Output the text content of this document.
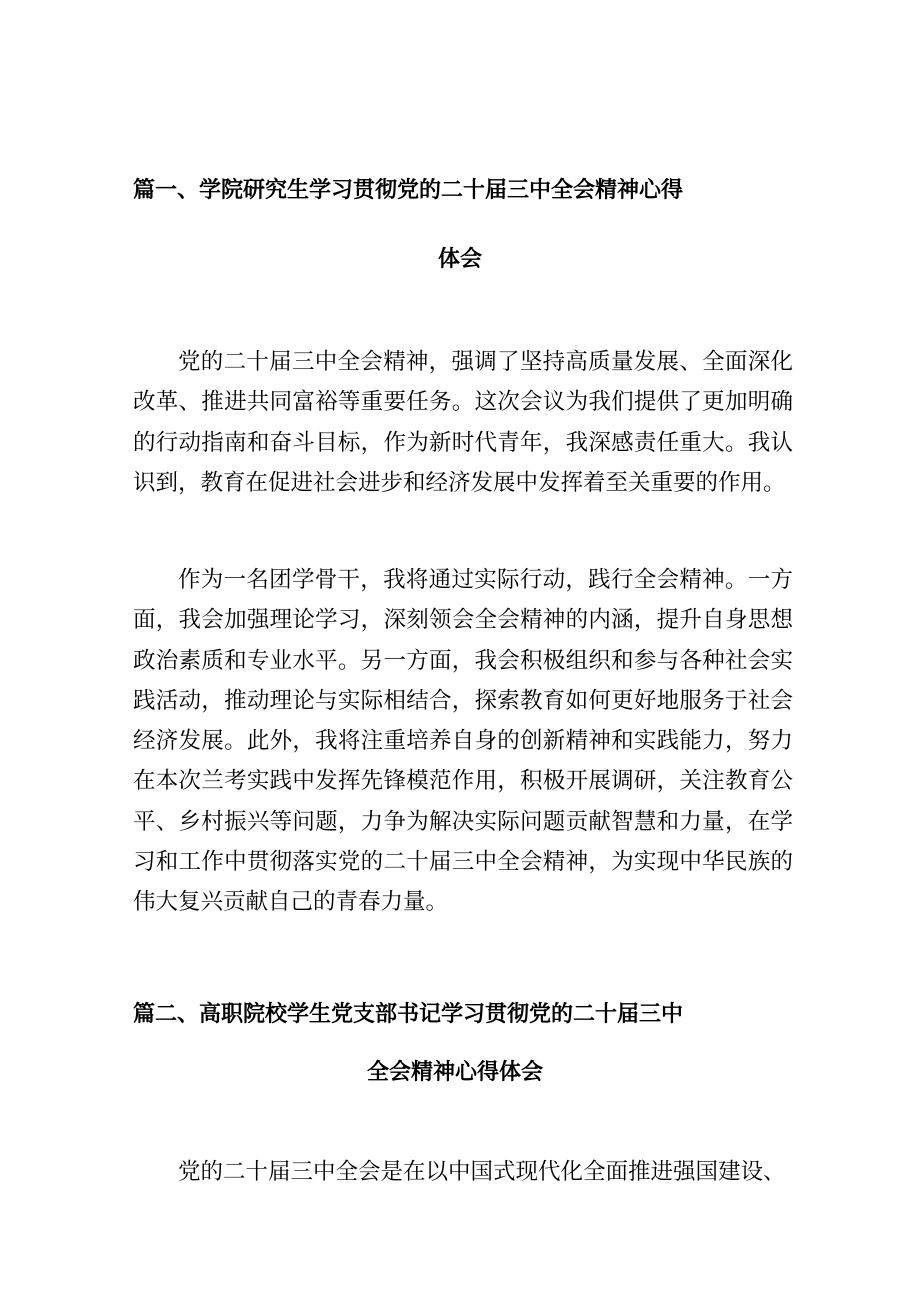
篇一、学院研究生学习贯彻党的二十届三中全会精神心得
体会

党的二十届三中全会精神，强调了坚持高质量发展、全面深化改革、推进共同富裕等重要任务。这次会议为我们提供了更加明确的行动指南和奋斗目标，作为新时代青年，我深感责任重大。我认识到，教育在促进社会进步和经济发展中发挥着至关重要的作用。

作为一名团学骨干，我将通过实际行动，践行全会精神。一方面，我会加强理论学习，深刻领会全会精神的内涵，提升自身思想政治素质和专业水平。另一方面，我会积极组织和参与各种社会实践活动，推动理论与实际相结合，探索教育如何更好地服务于社会经济发展。此外，我将注重培养自身的创新精神和实践能力，努力在本次兰考实践中发挥先锋模范作用，积极开展调研，关注教育公平、乡村振兴等问题，力争为解决实际问题贡献智慧和力量，在学习和工作中贯彻落实党的二十届三中全会精神，为实现中华民族的伟大复兴贡献自己的青春力量。

篇二、高职院校学生党支部书记学习贯彻党的二十届三中
全会精神心得体会

党的二十届三中全会是在以中国式现代化全面推进强国建设、
